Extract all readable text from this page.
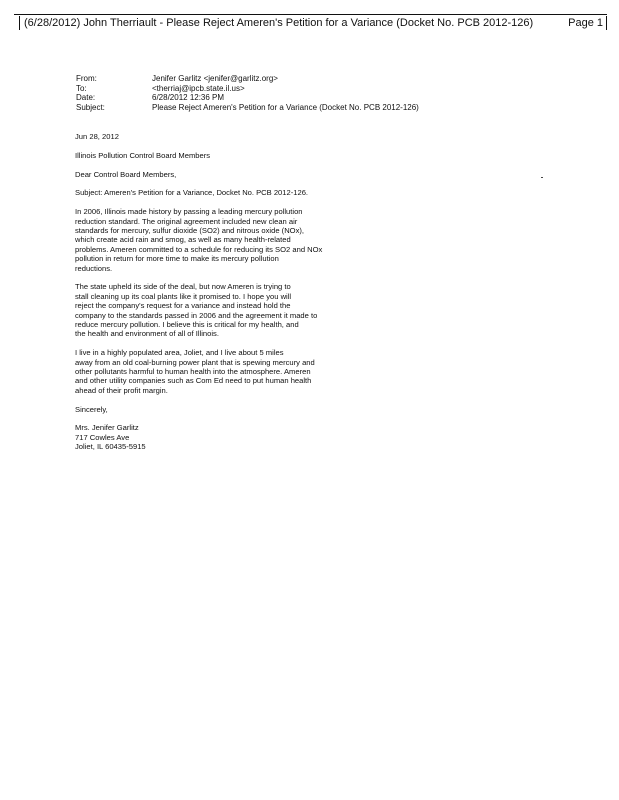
(6/28/2012) John Therriault - Please Reject Ameren's Petition for a Variance (Docket No. PCB 2012-126)	Page 1
From:	Jenifer Garlitz <jenifer@garlitz.org>
To:	<therriaj@ipcb.state.il.us>
Date:	6/28/2012 12:36 PM
Subject:	Please Reject Ameren's Petition for a Variance (Docket No. PCB 2012-126)

Jun 28, 2012

Illinois Pollution Control Board Members

Dear Control Board Members,

Subject: Ameren's Petition for a Variance, Docket No. PCB 2012-126.

In 2006, Illinois made history by passing a leading mercury pollution
reduction standard. The original agreement included new clean air
standards for mercury, sulfur dioxide (SO2) and nitrous oxide (NOx),
which create acid rain and smog, as well as many health-related
problems. Ameren committed to a schedule for reducing its SO2 and NOx
pollution in return for more time to make its mercury pollution
reductions.

The state upheld its side of the deal, but now Ameren is trying to
stall cleaning up its coal plants like it promised to. I hope you will
reject the company's request for a variance and instead hold the
company to the standards passed in 2006 and the agreement it made to
reduce mercury pollution. I believe this is critical for my health, and
the health and environment of all of Illinois.

I live in a highly populated area, Joliet, and I live about 5 miles
away from an old coal-burning power plant that is spewing mercury and
other pollutants harmful to human health into the atmosphere. Ameren
and other utility companies such as Com Ed need to put human health
ahead of their profit margin.

Sincerely,

Mrs. Jenifer Garlitz
717 Cowles Ave
Joliet, IL 60435-5915
